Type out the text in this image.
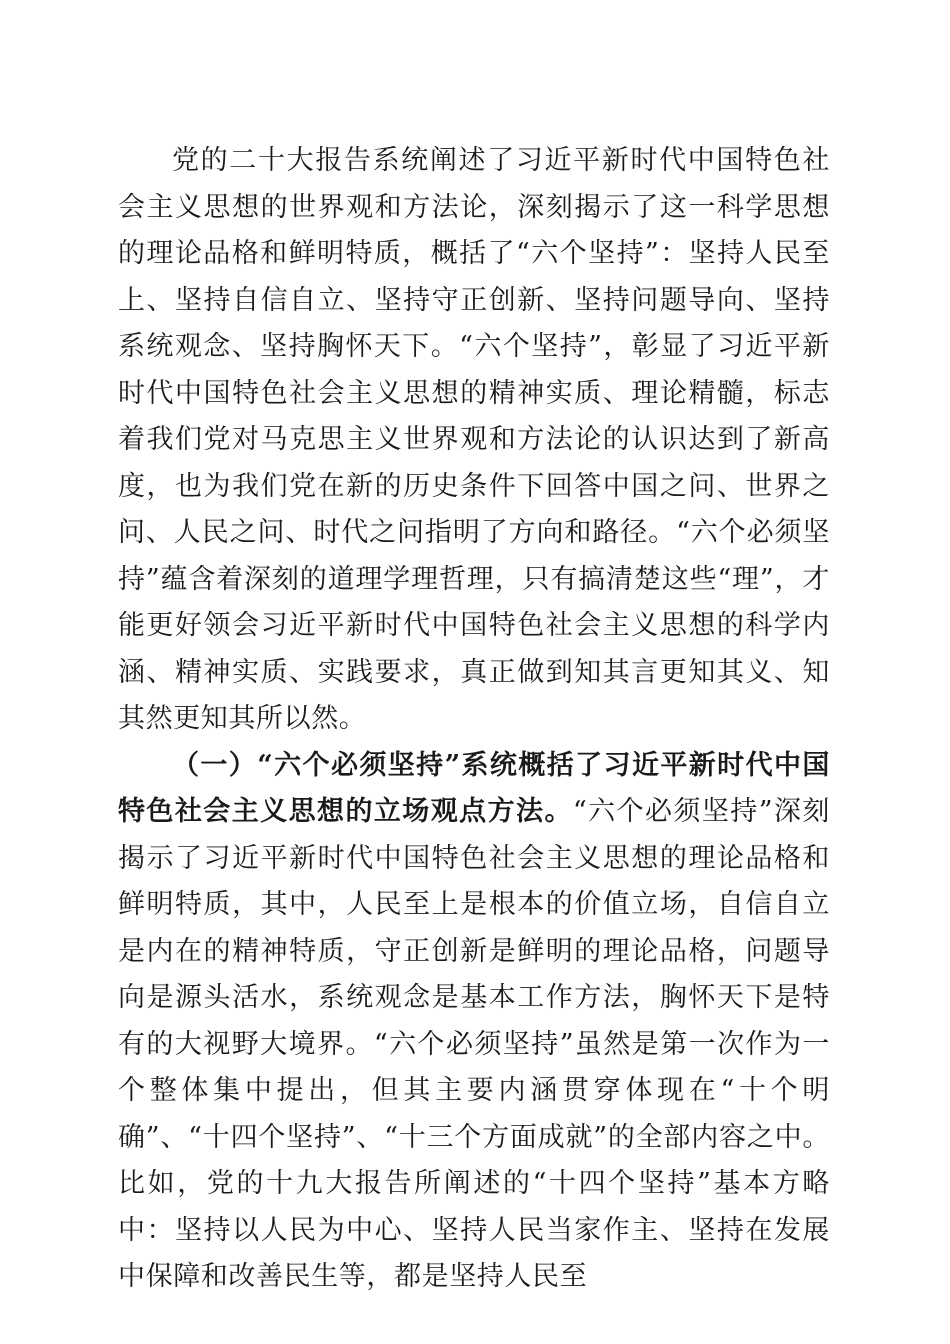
党的二十大报告系统阐述了习近平新时代中国特色社会主义思想的世界观和方法论，深刻揭示了这一科学思想的理论品格和鲜明特质，概括了“六个坚持”：坚持人民至上、坚持自信自立、坚持守正创新、坚持问题导向、坚持系统观念、坚持胸怀天下。“六个坚持”，彰显了习近平新时代中国特色社会主义思想的精神实质、理论精髓，标志着我们党对马克思主义世界观和方法论的认识达到了新高度，也为我们党在新的历史条件下回答中国之问、世界之问、人民之问、时代之问指明了方向和路径。“六个必须坚持”蕴含着深刻的道理学理哲理，只有搞清楚这些“理”，才能更好领会习近平新时代中国特色社会主义思想的科学内涵、精神实质、实践要求，真正做到知其言更知其义、知其然更知其所以然。

（一）“六个必须坚持”系统概括了习近平新时代中国特色社会主义思想的立场观点方法。“六个必须坚持”深刻揭示了习近平新时代中国特色社会主义思想的理论品格和鲜明特质，其中，人民至上是根本的价值立场，自信自立是内在的精神特质，守正创新是鲜明的理论品格，问题导向是源头活水，系统观念是基本工作方法，胸怀天下是特有的大视野大境界。“六个必须坚持”虽然是第一次作为一个整体集中提出，但其主要内涵贯穿体现在“十个明确”、“十四个坚持”、“十三个方面成就”的全部内容之中。比如，党的十九大报告所阐述的“十四个坚持”基本方略中：坚持以人民为中心、坚持人民当家作主、坚持在发展中保障和改善民生等，都是坚持人民至
